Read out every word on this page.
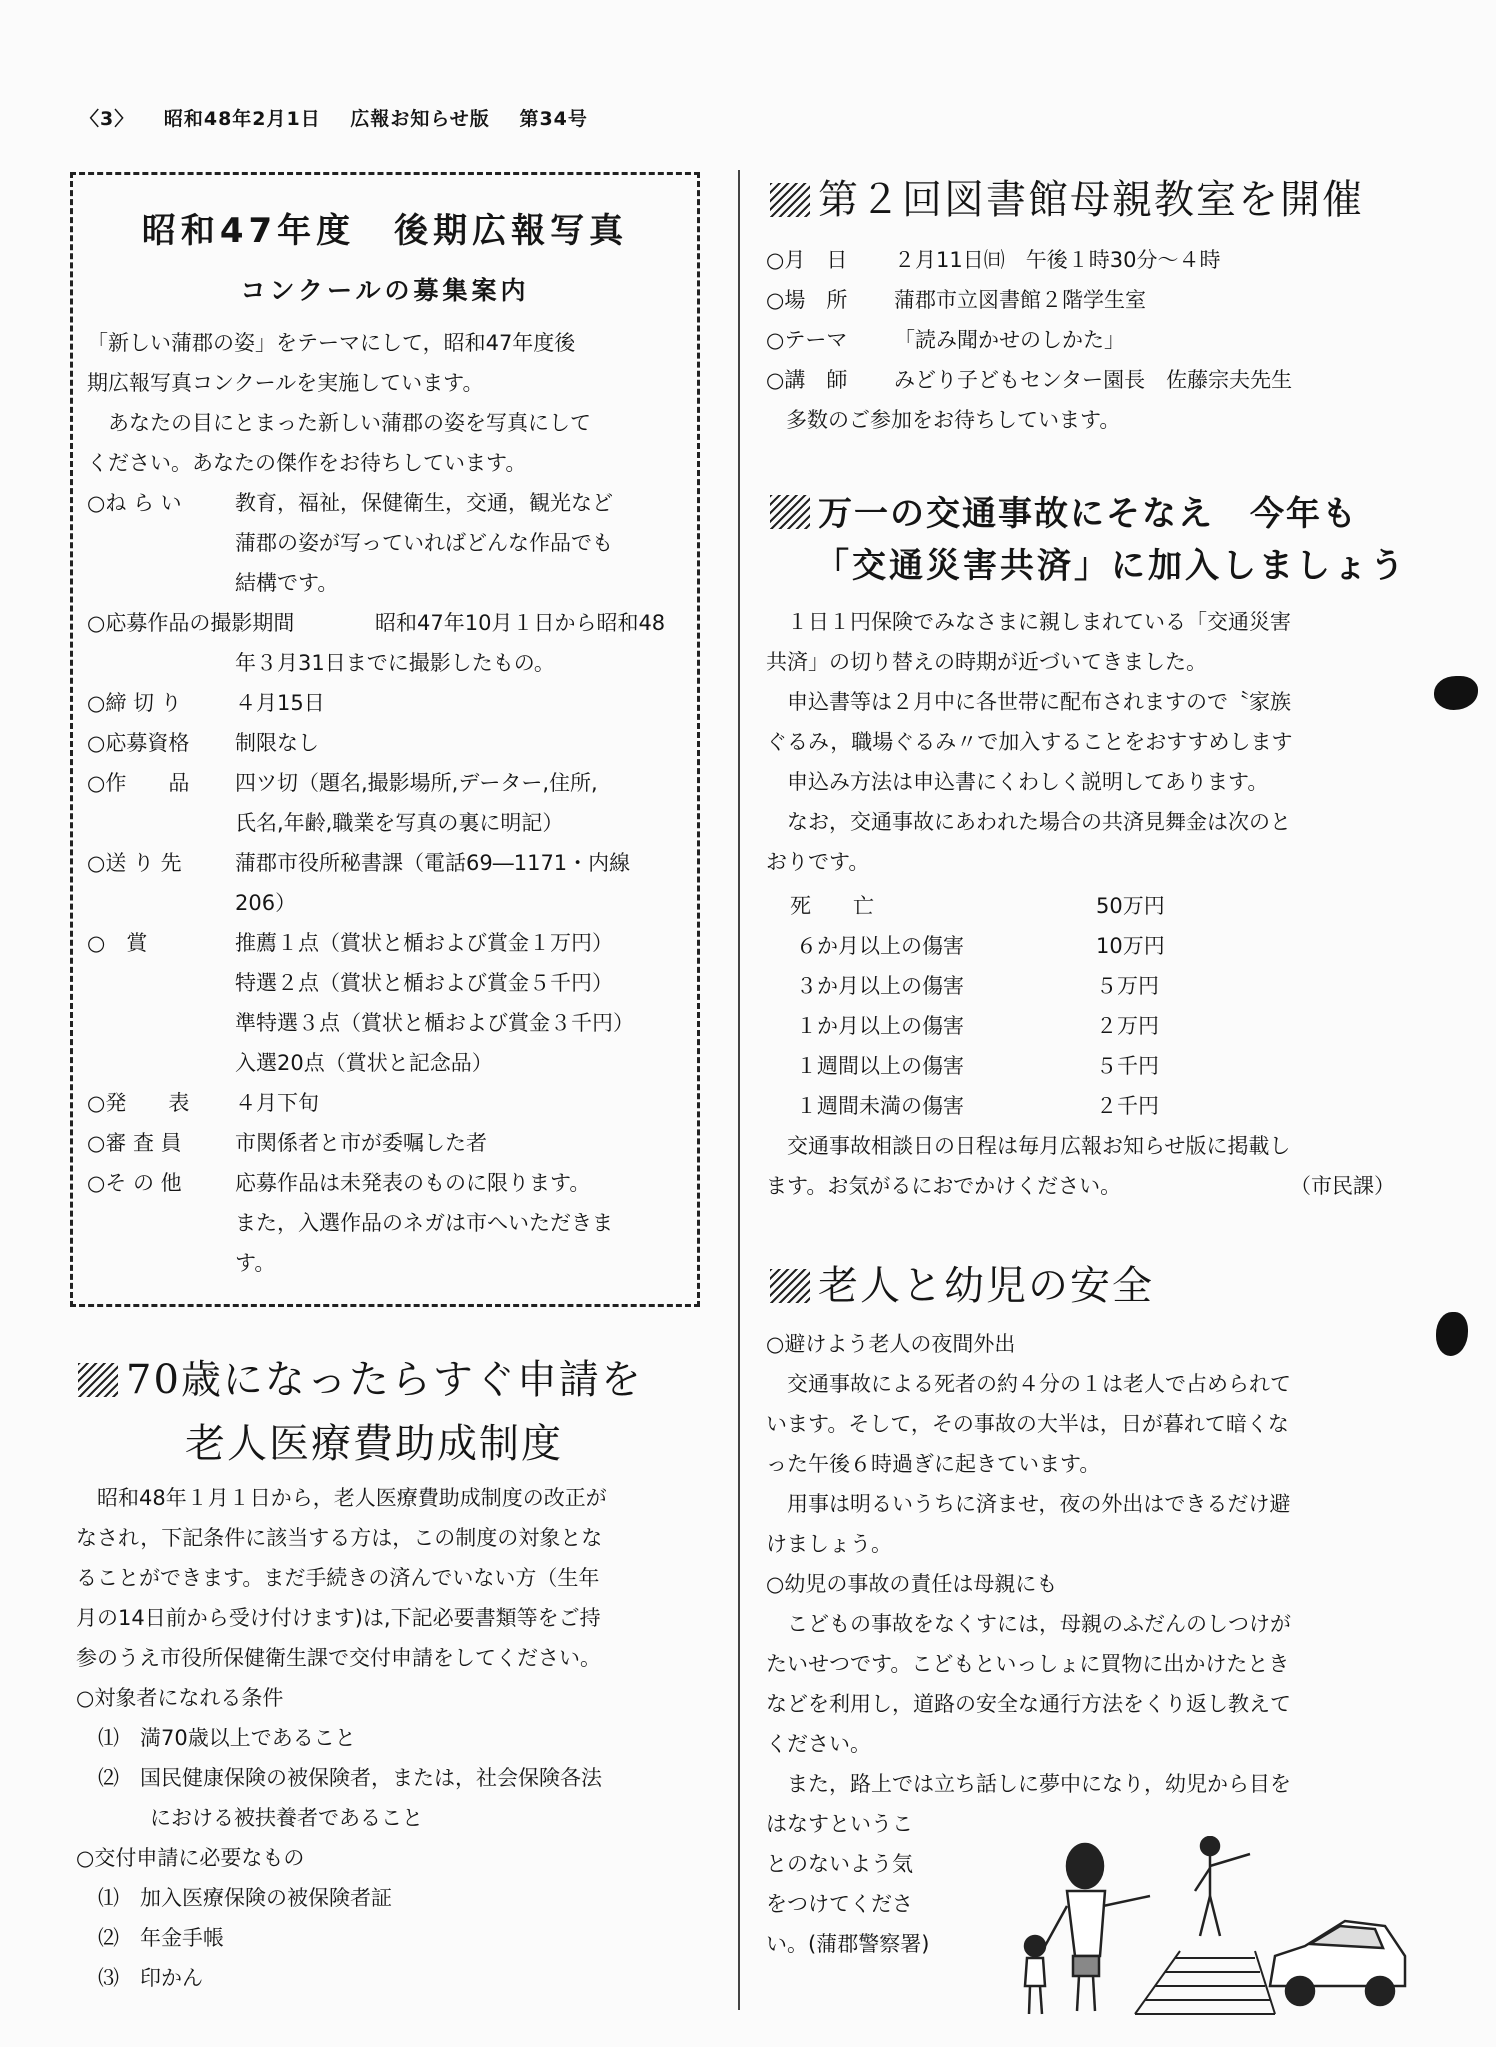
〈3〉 昭和48年2月1日 広報お知らせ版 第34号
昭和47年度　後期広報写真
コンクールの募集案内
「新しい蒲郡の姿」をテーマにして，昭和47年度後
期広報写真コンクールを実施しています。
　あなたの目にとまった新しい蒲郡の姿を写真にして
ください。あなたの傑作をお待ちしています。
○ね ら い	教育，福祉，保健衛生，交通，観光など
蒲郡の姿が写っていればどんな作品でも
結構です。
○応募作品の撮影期間	昭和47年10月１日から昭和48
年３月31日までに撮影したもの。
○締 切 り	４月15日
○応募資格 制限なし
○作　　品 四ツ切（題名,撮影場所,データー,住所,
氏名,年齢,職業を写真の裏に明記）
○送 り 先	蒲郡市役所秘書課（電話69―1171・内線
206）
○　賞	推薦１点（賞状と楯および賞金１万円）
特選２点（賞状と楯および賞金５千円）
準特選３点（賞状と楯および賞金３千円）
入選20点（賞状と記念品）
○発　　表 ４月下旬
○審 査 員	市関係者と市が委嘱した者
○そ の 他	応募作品は未発表のものに限ります。
また，入選作品のネガは市へいただきま
す。
70歳になったらすぐ申請を
老人医療費助成制度
　昭和48年１月１日から，老人医療費助成制度の改正が
なされ，下記条件に該当する方は，この制度の対象とな
ることができます。まだ手続きの済んでいない方（生年
月の14日前から受け付けます)は,下記必要書類等をご持
参のうえ市役所保健衛生課で交付申請をしてください。
○対象者になれる条件
⑴　 満70歳以上であること
⑵　 国民健康保険の被保険者，または，社会保険各法
における被扶養者であること
○交付申請に必要なもの
⑴　 加入医療保険の被保険者証
⑵　 年金手帳
⑶　 印かん
第２回図書館母親教室を開催
○月　日 ２月11日㈰　午後１時30分～４時
○場　所 蒲郡市立図書館２階学生室
○テーマ 「読み聞かせのしかた」
○講　師 みどり子どもセンター園長　佐藤宗夫先生
多数のご参加をお待ちしています。
万一の交通事故にそなえ　今年も
「交通災害共済」に加入しましょう
　１日１円保険でみなさまに親しまれている「交通災害
共済」の切り替えの時期が近づいてきました。
　申込書等は２月中に各世帯に配布されますので〝家族
ぐるみ，職場ぐるみ〃で加入することをおすすめします
　申込み方法は申込書にくわしく説明してあります。
　なお，交通事故にあわれた場合の共済見舞金は次のと
おりです。
死　　亡	50万円
６か月以上の傷害	10万円
３か月以上の傷害	５万円
１か月以上の傷害	２万円
１週間以上の傷害	５千円
１週間未満の傷害	２千円
　交通事故相談日の日程は毎月広報お知らせ版に掲載し
ます。お気がるにおでかけください。	（市民課）
老人と幼児の安全
○避けよう老人の夜間外出
　交通事故による死者の約４分の１は老人で占められて
います。そして，その事故の大半は，日が暮れて暗くな
った午後６時過ぎに起きています。
　用事は明るいうちに済ませ，夜の外出はできるだけ避
けましょう。
○幼児の事故の責任は母親にも
　こどもの事故をなくすには，母親のふだんのしつけが
たいせつです。こどもといっしょに買物に出かけたとき
などを利用し，道路の安全な通行方法をくり返し教えて
ください。
　また，路上では立ち話しに夢中になり，幼児から目を
はなすというこ
とのないよう気
をつけてくださ
い。(蒲郡警察署)
